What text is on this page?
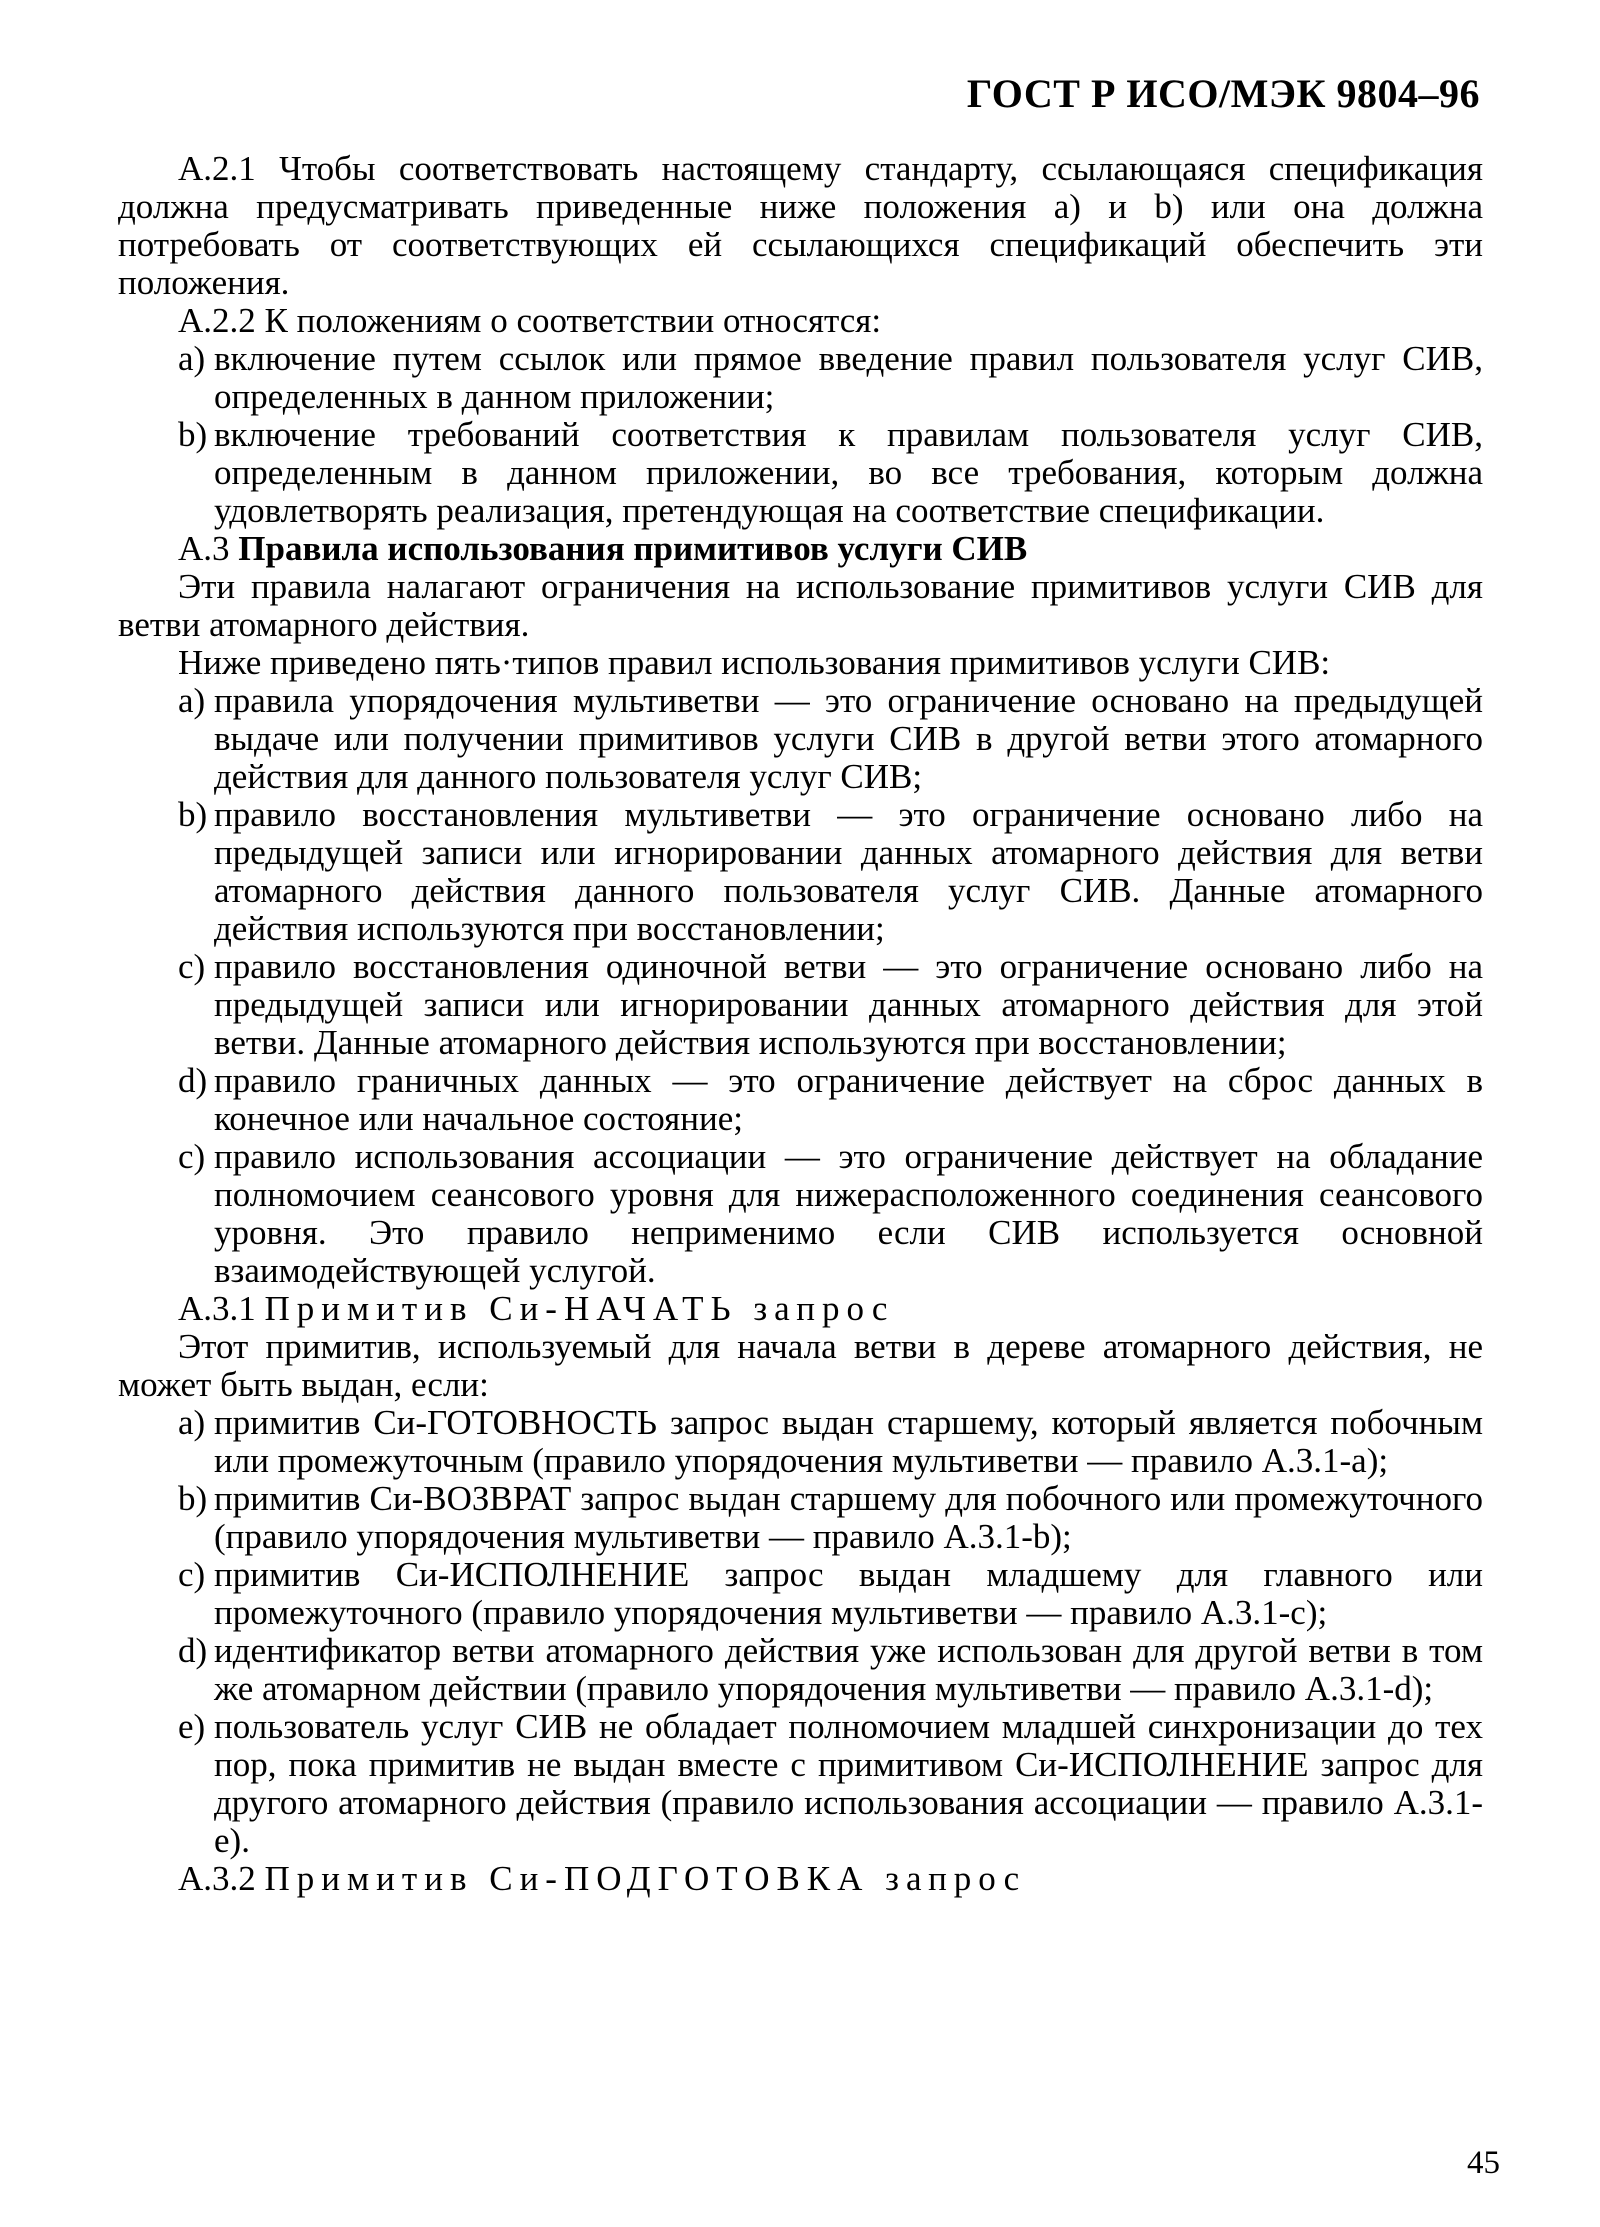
ГОСТ Р ИСО/МЭК 9804–96

А.2.1 Чтобы соответствовать настоящему стандарту, ссылающаяся спецификация должна предусматривать приведенные ниже положения а) и b) или она должна потребовать от соответствующих ей ссылающихся спецификаций обеспечить эти положения.

А.2.2 К положениям о соответствии относятся:

а) включение путем ссылок или прямое введение правил пользователя услуг СИВ, определенных в данном приложении;
b) включение требований соответствия к правилам пользователя услуг СИВ, определенным в данном приложении, во все требования, которым должна удовлетворять реализация, претендующая на соответствие спецификации.
А.3 Правила использования примитивов услуги СИВ

Эти правила налагают ограничения на использование примитивов услуги СИВ для ветви атомарного действия.

Ниже приведено пять·типов правил использования примитивов услуги СИВ:

а) правила упорядочения мультиветви — это ограничение основано на предыдущей выдаче или получении примитивов услуги СИВ в другой ветви этого атомарного действия для данного пользователя услуг СИВ;
b) правило восстановления мультиветви — это ограничение основано либо на предыдущей записи или игнорировании данных атомарного действия для ветви атомарного действия данного пользователя услуг СИВ. Данные атомарного действия используются при восстановлении;
с) правило восстановления одиночной ветви — это ограничение основано либо на предыдущей записи или игнорировании данных атомарного действия для этой ветви. Данные атомарного действия используются при восстановлении;
d) правило граничных данных — это ограничение действует на сброс данных в конечное или начальное состояние;
с) правило использования ассоциации — это ограничение действует на обладание полномочием сеансового уровня для нижерасположенного соединения сеансового уровня. Это правило неприменимо если СИВ используется основной взаимодействующей услугой.
А.3.1 Примитив Си-НАЧАТЬ запрос

Этот примитив, используемый для начала ветви в дереве атомарного действия, не может быть выдан, если:

а) примитив Си-ГОТОВНОСТЬ запрос выдан старшему, который является побочным или промежуточным (правило упорядочения мультиветви — правило А.3.1-а);
b) примитив Си-ВОЗВРАТ запрос выдан старшему для побочного или промежуточного (правило упорядочения мультиветви — правило А.3.1-b);
с) примитив Си-ИСПОЛНЕНИЕ запрос выдан младшему для главного или промежуточного (правило упорядочения мультиветви — правило А.3.1-с);
d) идентификатор ветви атомарного действия уже использован для другой ветви в том же атомарном действии (правило упорядочения мультиветви — правило А.3.1-d);
е) пользователь услуг СИВ не обладает полномочием младшей синхронизации до тех пор, пока примитив не выдан вместе с примитивом Си-ИСПОЛНЕНИЕ запрос для другого атомарного действия (правило использования ассоциации — правило А.3.1-е).
А.3.2 Примитив Си-ПОДГОТОВКА запрос
45
